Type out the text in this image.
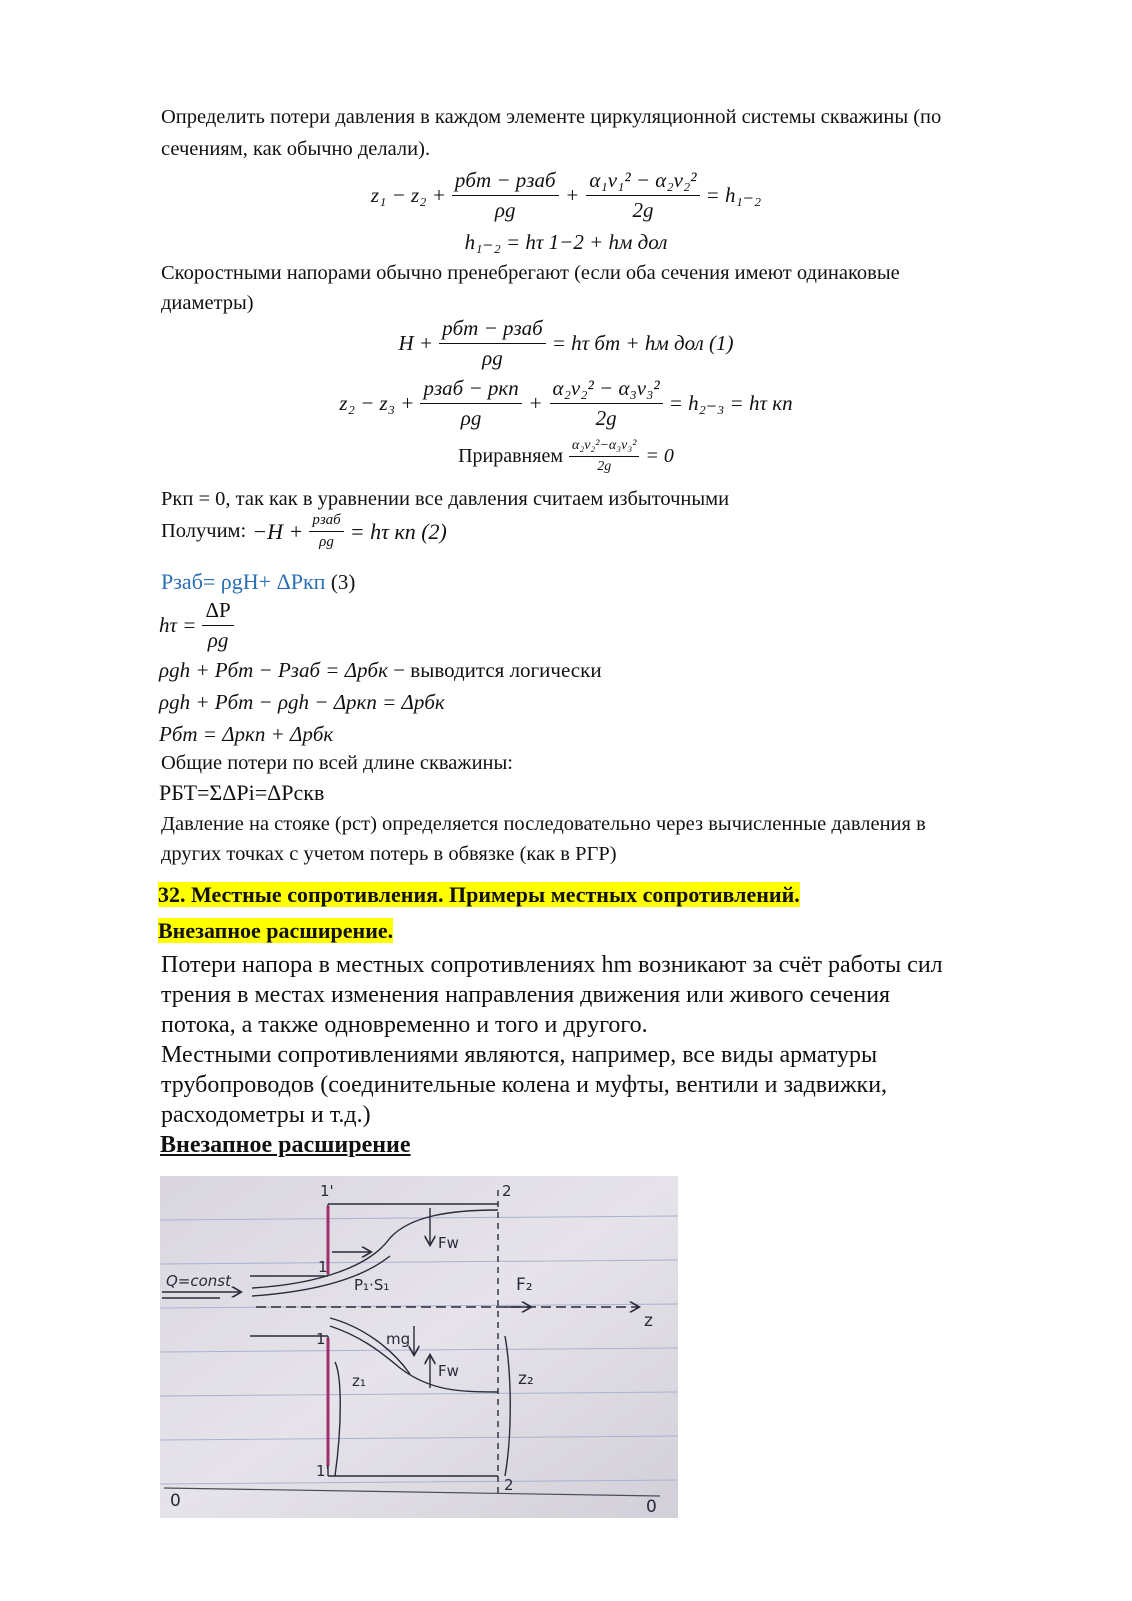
Определить потери давления в каждом элементе циркуляционной системы скважины (по
сечениям, как обычно делали).
$z_1 - z_2 + \frac{\text{pбт − pзаб}}{\rho g} + \frac{\text{α₁v₁² − α₂v₂²}}{2g} = h_{1-2}$
h₁₋₂ = hτ 1−2 + hм дол
Скоростными напорами обычно пренебрегают (если оба сечения имеют одинаковые
диаметры)
$H + \frac{\text{pбт − pзаб}}{\rho g} = h\tau$ бт + hм дол (1)
$z_2 - z_3 + \frac{\text{pзаб − pкп}}{\rho g} + \frac{\text{α₂v₂² − α₃v₃²}}{2g} = h_{2-3} = h\tau$ кп
Приравняем $\frac{\text{α₂v₂²−α₃v₃²}}{2g} = 0$
Ркп = 0, так как в уравнении все давления считаем избыточными
Получим: $-H + \frac{\text{pзаб}}{\rho g} = h\tau$ кп (2)
Рзаб= ρgH+ ΔРкп (3)
$h\tau = \frac{\Delta P}{\rho g}$
ρgh + Pбт − Pзаб = Δpбк − выводится логически
ρgh + Pбт − ρgh − Δpкп = Δpбк
Pбт = Δpкп + Δpбк
Общие потери по всей длине скважины:
РБТ=ΣΔРi=ΔРскв
Давление на стояке (pст) определяется последовательно через вычисленные давления в
других точках с учетом потерь в обвязке (как в РГР)
32. Местные сопротивления. Примеры местных сопротивлений.
Внезапное расширение.
Потери напора в местных сопротивлениях hm возникают за счёт работы сил
трения в местах изменения направления движения или живого сечения
потока, а также одновременно и того и другого.
Местными сопротивлениями являются, например, все виды арматуры
трубопроводов (соединительные колена и муфты, вентили и задвижки,
расходометры и т.д.)
Внезапное расширение
1'	2
1
1
1'
2
Q=const	P₁·S₁	F₂
Fw
Fw
mg
z₁	z₂
z
0	0
